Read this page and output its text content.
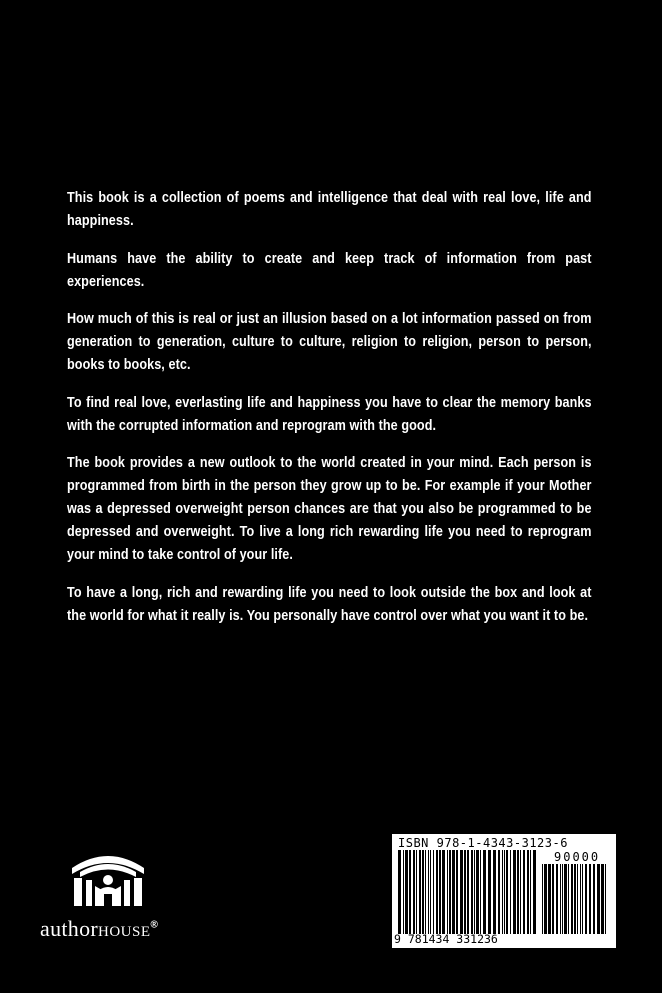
This book is a collection of poems and intelligence that deal with real love, life and happiness.

Humans have the ability to create and keep track of information from past experiences.

How much of this is real or just an illusion based on a lot information passed on from generation to generation, culture to culture, religion to religion, person to person, books to books, etc.

To find real love, everlasting life and happiness you have to clear the memory banks with the corrupted information and reprogram with the good.

The book provides a new outlook to the world created in your mind. Each person is programmed from birth in the person they grow up to be. For example if your Mother was a depressed overweight person chances are that you also be programmed to be depressed and overweight. To live a long rich rewarding life you need to reprogram your mind to take control of your life.

To have a long, rich and rewarding life you need to look outside the box and look at the world for what it really is. You personally have control over what you want it to be.

authorHOUSE®
ISBN 978-1-4343-3123-6
90000
9 781434 331236
